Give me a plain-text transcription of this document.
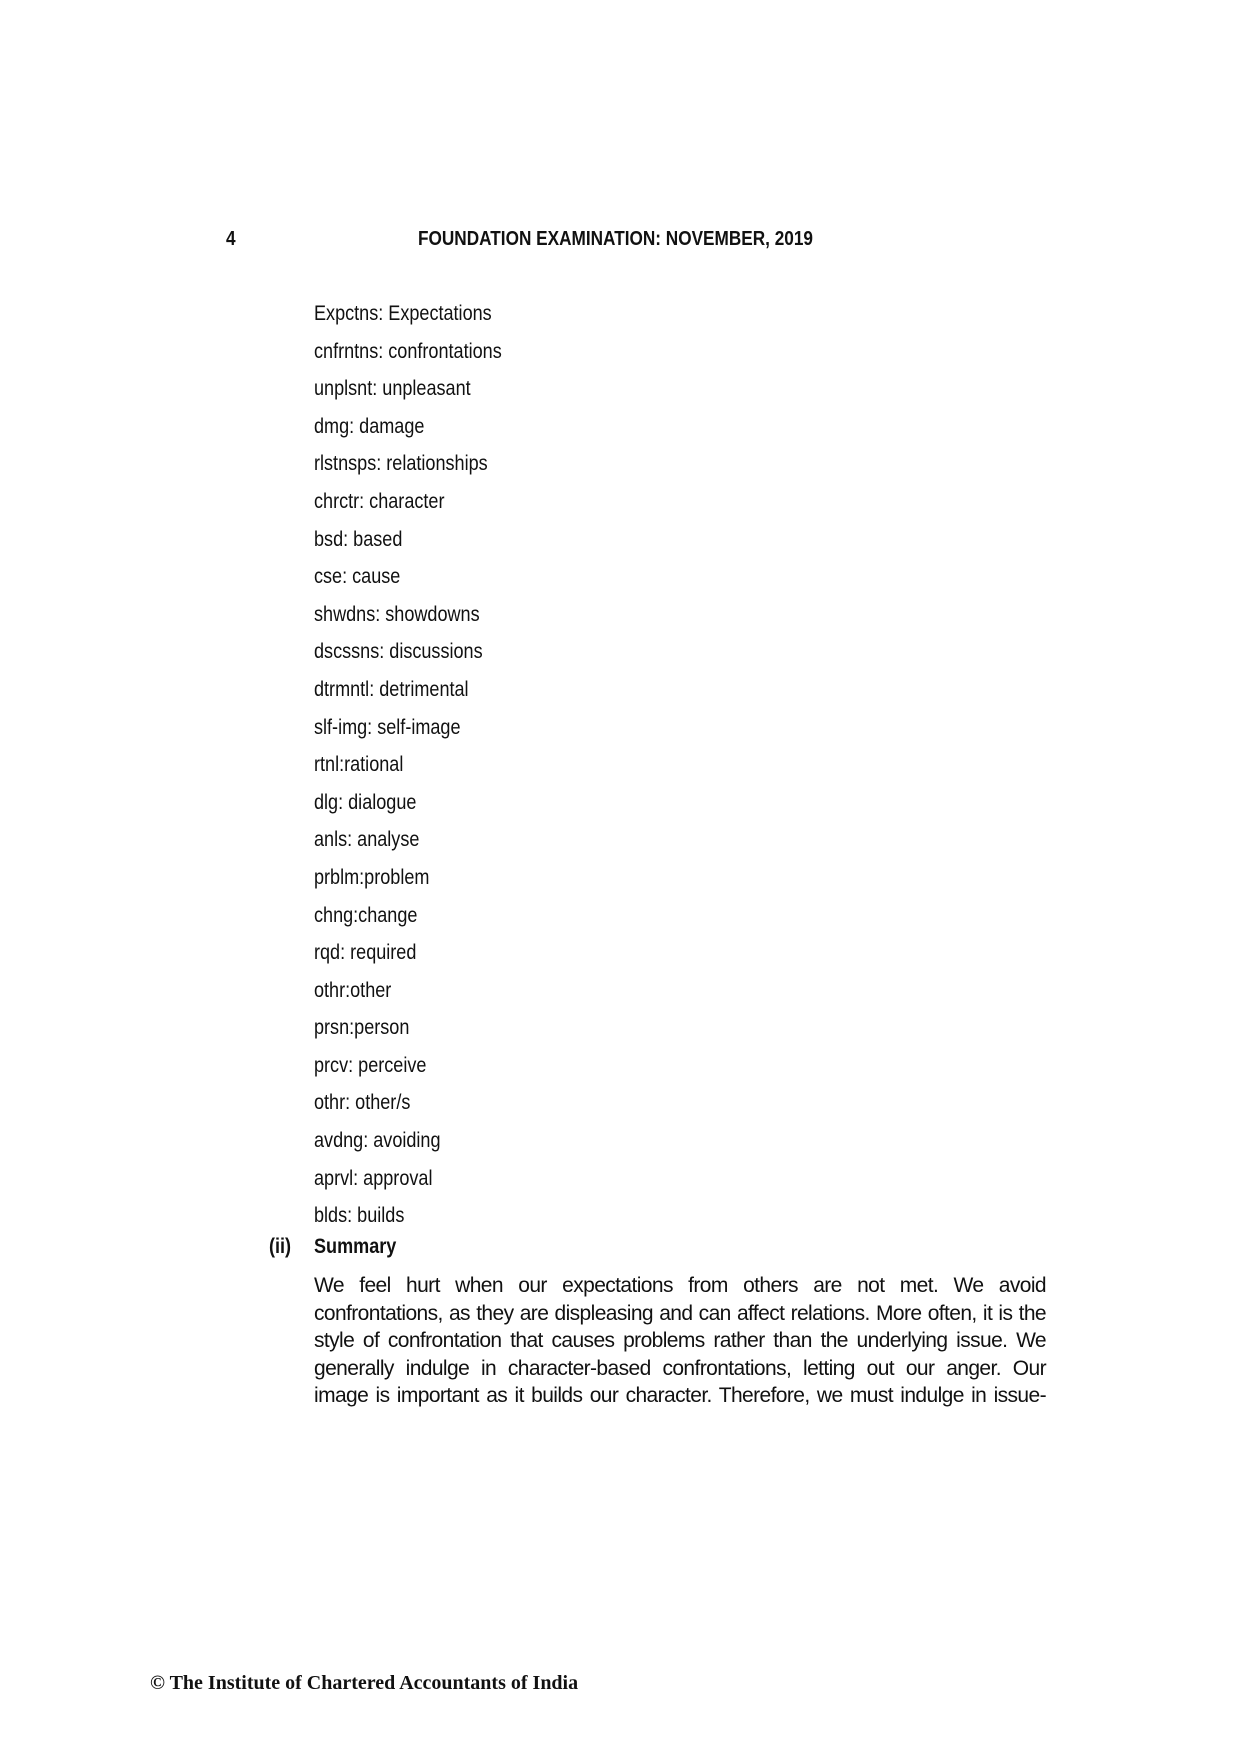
4	FOUNDATION EXAMINATION: NOVEMBER, 2019
Expctns: Expectations
cnfrntns: confrontations
unplsnt: unpleasant
dmg: damage
rlstnsps: relationships
chrctr: character
bsd: based
cse: cause
shwdns: showdowns
dscssns: discussions
dtrmntl: detrimental
slf-img: self-image
rtnl:rational
dlg: dialogue
anls: analyse
prblm:problem
chng:change
rqd: required
othr:other
prsn:person
prcv: perceive
othr: other/s
avdng: avoiding
aprvl: approval
blds: builds
(ii) Summary
We feel hurt when our expectations from others are not met. We avoid
confrontations, as they are displeasing and can affect relations. More often, it is the
style of confrontation that causes problems rather than the underlying issue. We
generally indulge in character-based confrontations, letting out our anger. Our
image is important as it builds our character. Therefore, we must indulge in issue-
© The Institute of Chartered Accountants of India
